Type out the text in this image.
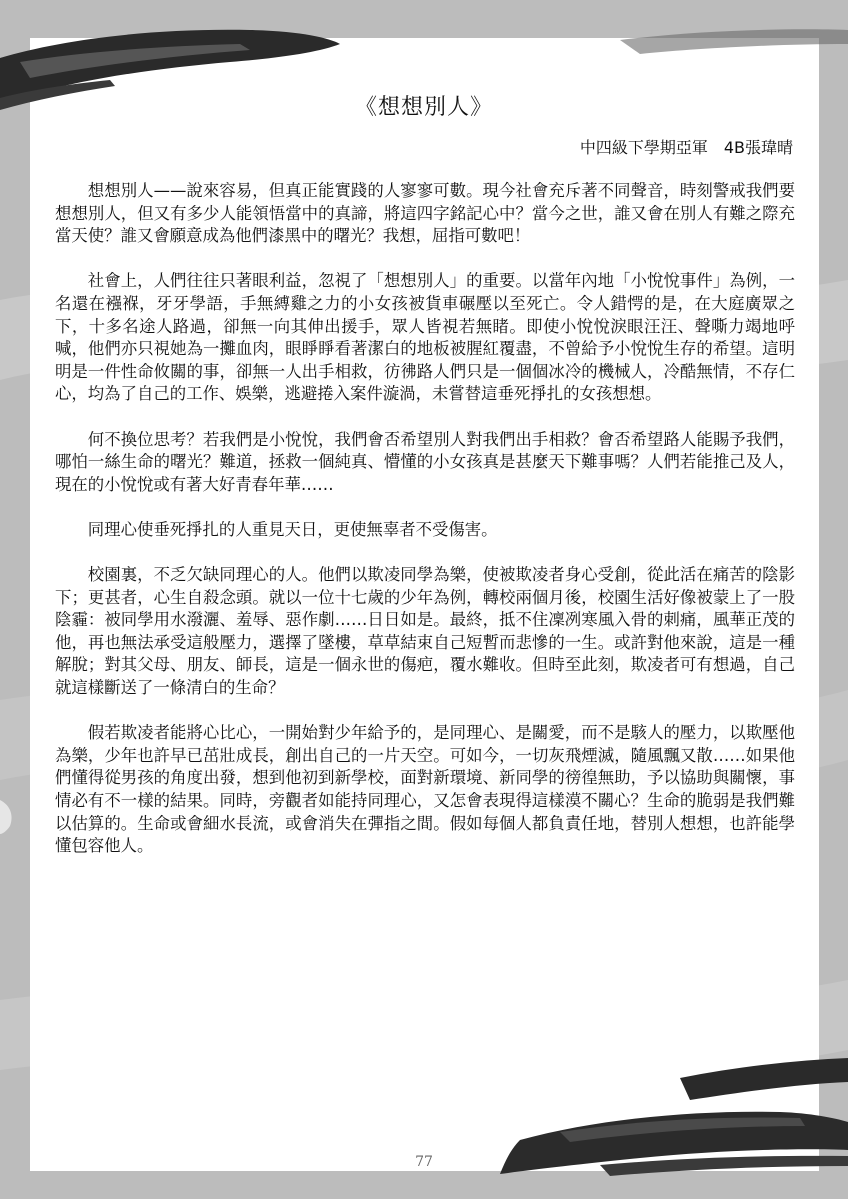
《想想別人》
中四級下學期亞軍　4B張瑋晴

想想別人——說來容易，但真正能實踐的人寥寥可數。現今社會充斥著不同聲音，時刻警戒我們要想想別人，但又有多少人能領悟當中的真諦，將這四字銘記心中？當今之世，誰又會在別人有難之際充當天使？誰又會願意成為他們漆黑中的曙光？我想，屈指可數吧！

社會上，人們往往只著眼利益，忽視了「想想別人」的重要。以當年內地「小悅悅事件」為例，一名還在襁褓，牙牙學語，手無縛雞之力的小女孩被貨車碾壓以至死亡。令人錯愕的是，在大庭廣眾之下，十多名途人路過，卻無一向其伸出援手，眾人皆視若無睹。即使小悅悅淚眼汪汪、聲嘶力竭地呼喊，他們亦只視她為一攤血肉，眼睜睜看著潔白的地板被腥紅覆盡，不曾給予小悅悅生存的希望。這明明是一件性命攸關的事，卻無一人出手相救，彷彿路人們只是一個個冰冷的機械人，冷酷無情，不存仁心，均為了自己的工作、娛樂，逃避捲入案件漩渦，未嘗替這垂死掙扎的女孩想想。

何不換位思考？若我們是小悅悅，我們會否希望別人對我們出手相救？會否希望路人能賜予我們，哪怕一絲生命的曙光？難道，拯救一個純真、懵懂的小女孩真是甚麼天下難事嗎？人們若能推己及人，現在的小悅悅或有著大好青春年華……

同理心使垂死掙扎的人重見天日，更使無辜者不受傷害。

校園裏，不乏欠缺同理心的人。他們以欺凌同學為樂，使被欺凌者身心受創，從此活在痛苦的陰影下；更甚者，心生自殺念頭。就以一位十七歲的少年為例，轉校兩個月後，校園生活好像被蒙上了一股陰霾：被同學用水潑灑、羞辱、惡作劇……日日如是。最終，抵不住凜冽寒風入骨的刺痛，風華正茂的他，再也無法承受這般壓力，選擇了墜樓，草草結束自己短暫而悲慘的一生。或許對他來說，這是一種解脫；對其父母、朋友、師長，這是一個永世的傷疤，覆水難收。但時至此刻，欺凌者可有想過，自己就這樣斷送了一條清白的生命？

假若欺凌者能將心比心，一開始對少年給予的，是同理心、是關愛，而不是駭人的壓力，以欺壓他為樂，少年也許早已茁壯成長，創出自己的一片天空。可如今，一切灰飛煙滅，隨風飄又散……如果他們懂得從男孩的角度出發，想到他初到新學校，面對新環境、新同學的徬徨無助，予以協助與關懷，事情必有不一樣的結果。同時，旁觀者如能持同理心，又怎會表現得這樣漠不關心？生命的脆弱是我們難以估算的。生命或會細水長流，或會消失在彈指之間。假如每個人都負責任地，替別人想想，也許能學懂包容他人。

77
